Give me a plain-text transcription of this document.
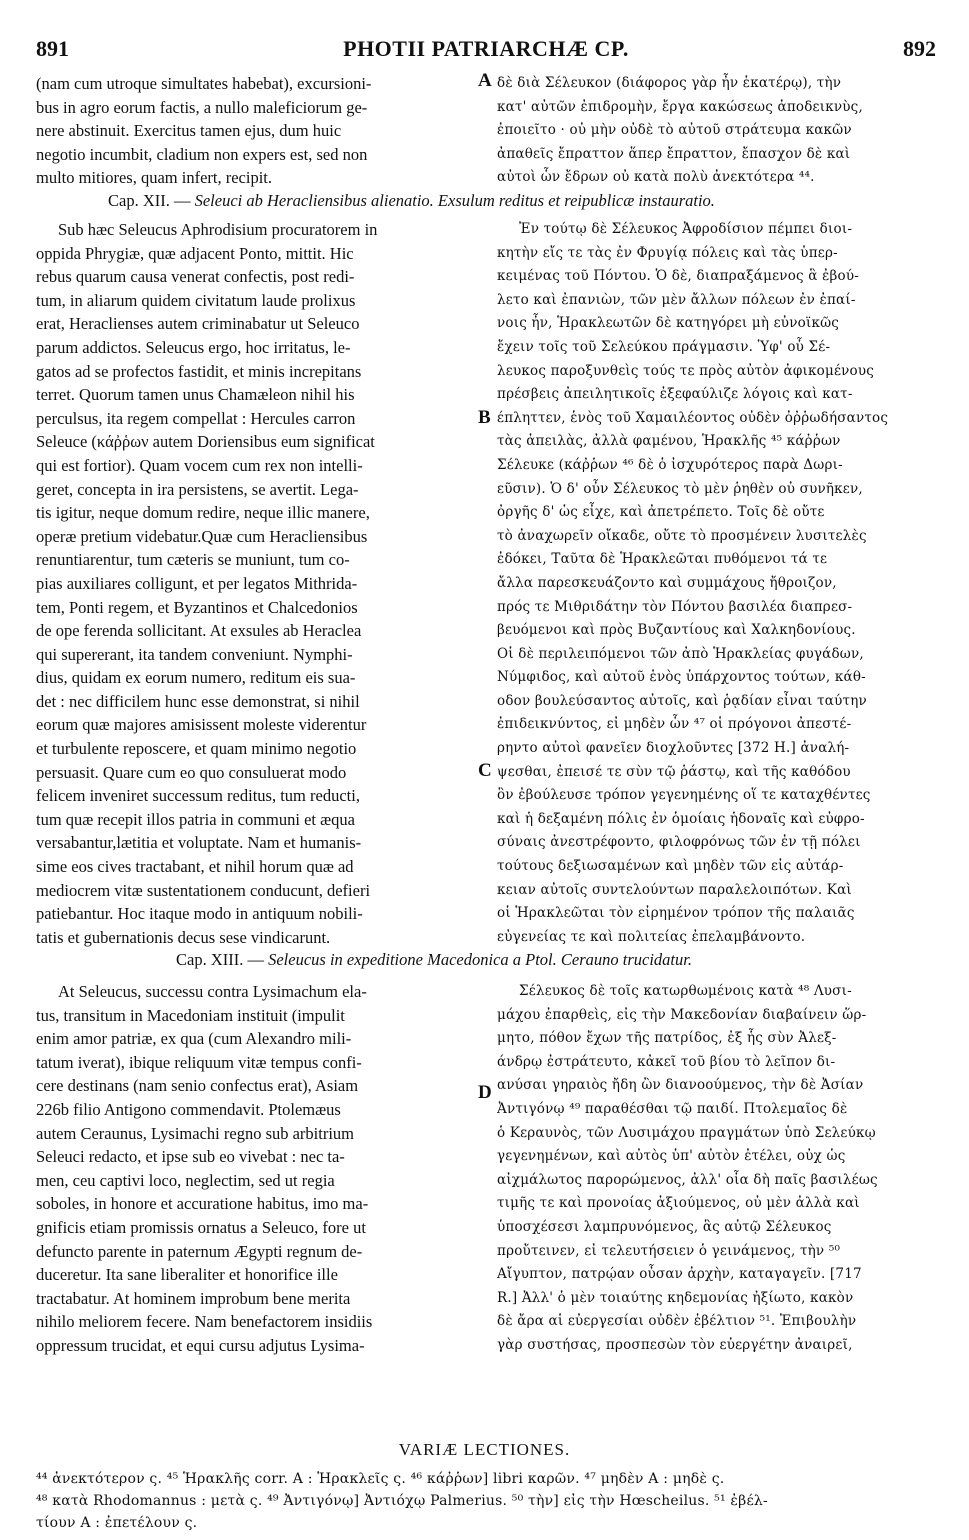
891	PHOTII PATRIARCHÆ CP.	892
(nam cum utroque simultates habebat), excursioni-
bus in agro eorum factis, a nullo maleficiorum ge-
nere abstinuit. Exercitus tamen ejus, dum huic
negotio incumbit, cladium non expers est, sed non
multo mitiores, quam infert, recipit.
A δὲ διὰ Σέλευκον (διάφορος γὰρ ἦν ἑκατέρῳ), τὴν
κατ' αὐτῶν ἐπιδρομὴν, ἔργα κακώσεως ἀποδεικνὺς,
ἐποιεῖτο · οὐ μὴν οὐδὲ τὸ αὐτοῦ στράτευμα κακῶν
ἀπαθεῖς ἔπραττον ἅπερ ἔπραττον, ἔπασχον δὲ καὶ
αὐτοὶ ὧν ἔδρων οὐ κατὰ πολὺ ἀνεκτότερα ⁴⁴.
Cap. XII. — Seleuci ab Heracliensibus alienatio. Exsulum reditus et reipublicæ instauratio.
Sub hæc Seleucus Aphrodisium procuratorem in
oppida Phrygiæ, quæ adjacent Ponto, mittit. Hic
rebus quarum causa venerat confectis, post redi-
tum, in aliarum quidem civitatum laude prolixus
erat, Heraclienses autem criminabatur ut Seleuco
parum addictos. Seleucus ergo, hoc irritatus, le-
gatos ad se profectos fastidit, et minis increpitans
terret. Quorum tamen unus Chamæleon nihil his
perculsus, ita regem compellat : Hercules carron
Seleuce (κάῤῥων autem Doriensibus eum significat
qui est fortior). Quam vocem cum rex non intelli-
geret, concepta in ira persistens, se avertit. Lega-
tis igitur, neque domum redire, neque illic manere,
operæ pretium videbatur.Quæ cum Heracliensibus
renuntiarentur, tum cæteris se muniunt, tum co-
pias auxiliares colligunt, et per legatos Mithrida-
tem, Ponti regem, et Byzantinos et Chalcedonios
de ope ferenda sollicitant. At exsules ab Heraclea
qui supererant, ita tandem conveniunt. Nymphi-
dius, quidam ex eorum numero, reditum eis sua-
det : nec difficilem hunc esse demonstrat, si nihil
eorum quæ majores amisissent moleste viderentur
et turbulente reposcere, et quam minimo negotio
persuasit. Quare cum eo quo consuluerat modo
felicem inveniret successum reditus, tum reducti,
tum quæ recepit illos patria in communi et æqua
versabantur,lætitia et voluptate. Nam et humanis-
sime eos cives tractabant, et nihil horum quæ ad
mediocrem vitæ sustentationem conducunt, defieri
patiebantur. Hoc itaque modo in antiquum nobili-
tatis et gubernationis decus sese vindicarunt.
B
C
Ἐν τούτῳ δὲ Σέλευκος Ἀφροδίσιον πέμπει διοι-
κητὴν εἴς τε τὰς ἐν Φρυγίᾳ πόλεις καὶ τὰς ὑπερ-
κειμένας τοῦ Πόντου. Ὁ δὲ, διαπραξάμενος ἃ ἐβού-
λετο καὶ ἐπανιὼν, τῶν μὲν ἄλλων πόλεων ἐν ἐπαί-
νοις ἦν, Ἡρακλεωτῶν δὲ κατηγόρει μὴ εὐνοϊκῶς
ἔχειν τοῖς τοῦ Σελεύκου πράγμασιν. Ὑφ' οὗ Σέ-
λευκος παροξυνθεὶς τούς τε πρὸς αὐτὸν ἀφικομένους
πρέσβεις ἀπειλητικοῖς ἐξεφαύλιζε λόγοις καὶ κατ-
έπληττεν, ἑνὸς τοῦ Χαμαιλέοντος οὐδὲν ὀῤῥωδήσαντος
τὰς ἀπειλὰς, ἀλλὰ φαμένου, Ἡρακλῆς ⁴⁵ κάῤῥων
Σέλευκε (κάῤῥων ⁴⁶ δὲ ὁ ἰσχυρότερος παρὰ Δωρι-
εῦσιν). Ὁ δ' οὖν Σέλευκος τὸ μὲν ῥηθὲν οὐ συνῆκεν,
ὀργῆς δ' ὡς εἶχε, καὶ ἀπετρέπετο. Τοῖς δὲ οὔτε
τὸ ἀναχωρεῖν οἴκαδε, οὔτε τὸ προσμένειν λυσιτελὲς
ἐδόκει, Ταῦτα δὲ Ἡρακλεῶται πυθόμενοι τά τε
ἄλλα παρεσκευάζοντο καὶ συμμάχους ἤθροιζον,
πρός τε Μιθριδάτην τὸν Πόντου βασιλέα διαπρεσ-
βευόμενοι καὶ πρὸς Βυζαντίους καὶ Χαλκηδονίους.
Οἱ δὲ περιλειπόμενοι τῶν ἀπὸ Ἡρακλείας φυγάδων,
Νύμφιδος, καὶ αὐτοῦ ἑνὸς ὑπάρχοντος τούτων, κάθ-
οδον βουλεύσαντος αὐτοῖς, καὶ ῥᾳδίαν εἶναι ταύτην
ἐπιδεικνύντος, εἰ μηδὲν ὧν ⁴⁷ οἱ πρόγονοι ἀπεστέ-
ρηντο αὐτοὶ φανεῖεν διοχλοῦντες [372 H.] ἀναλή-
ψεσθαι, ἐπεισέ τε σὺν τῷ ῥάστῳ, καὶ τῆς καθόδου
ὃν ἐβούλευσε τρόπον γεγενημένης οἵ τε καταχθέντες
καὶ ἡ δεξαμένη πόλις ἐν ὁμοίαις ἡδοναῖς καὶ εὐφρο-
σύναις ἀνεστρέφοντο, φιλοφρόνως τῶν ἐν τῇ πόλει
τούτους δεξιωσαμένων καὶ μηδὲν τῶν εἰς αὐτάρ-
κειαν αὐτοῖς συντελούντων παραλελοιπότων. Καὶ
οἱ Ἡρακλεῶται τὸν εἰρημένον τρόπον τῆς παλαιᾶς
εὐγενείας τε καὶ πολιτείας ἐπελαμβάνοντο.
Cap. XIII. — Seleucus in expeditione Macedonica a Ptol. Cerauno trucidatur.
At Seleucus, successu contra Lysimachum ela-
tus, transitum in Macedoniam instituit (impulit
enim amor patriæ, ex qua (cum Alexandro mili-
tatum iverat), ibique reliquum vitæ tempus confi-
cere destinans (nam senio confectus erat), Asiam
226b filio Antigono commendavit. Ptolemæus
autem Ceraunus, Lysimachi regno sub arbitrium
Seleuci redacto, et ipse sub eo vivebat : nec ta-
men, ceu captivi loco, neglectim, sed ut regia
soboles, in honore et accuratione habitus, imo ma-
gnificis etiam promissis ornatus a Seleuco, fore ut
defuncto parente in paternum Ægypti regnum de-
duceretur. Ita sane liberaliter et honorifice ille
tractabatur. At hominem improbum bene merita
nihilo meliorem fecere. Nam benefactorem insidiis
oppressum trucidat, et equi cursu adjutus Lysima-
D
Σέλευκος δὲ τοῖς κατωρθωμένοις κατὰ ⁴⁸ Λυσι-
μάχου ἐπαρθεὶς, εἰς τὴν Μακεδονίαν διαβαίνειν ὥρ-
μητο, πόθον ἔχων τῆς πατρίδος, ἐξ ἧς σὺν Ἀλεξ-
άνδρῳ ἐστράτευτο, κἀκεῖ τοῦ βίου τὸ λεῖπον δι-
ανύσαι γηραιὸς ἤδη ὢν διανοούμενος, τὴν δὲ Ἀσίαν
Ἀντιγόνῳ ⁴⁹ παραθέσθαι τῷ παιδί. Πτολεμαῖος δὲ
ὁ Κεραυνὸς, τῶν Λυσιμάχου πραγμάτων ὑπὸ Σελεύκῳ
γεγενημένων, καὶ αὐτὸς ὑπ' αὐτὸν ἐτέλει, οὐχ ὡς
αἰχμάλωτος παρορώμενος, ἀλλ' οἷα δὴ παῖς βασιλέως
τιμῆς τε καὶ προνοίας ἀξιούμενος, οὐ μὲν ἀλλὰ καὶ
ὑποσχέσεσι λαμπρυνόμενος, ἃς αὐτῷ Σέλευκος
προὔτεινεν, εἰ τελευτήσειεν ὁ γεινάμενος, τὴν ⁵⁰
Αἴγυπτον, πατρῴαν οὖσαν ἀρχὴν, καταγαγεῖν. [717
R.] Ἀλλ' ὁ μὲν τοιαύτης κηδεμονίας ἠξίωτο, κακὸν
δὲ ἄρα αἱ εὐεργεσίαι οὐδὲν ἐβέλτιον ⁵¹. Ἐπιβουλὴν
γὰρ συστήσας, προσπεσὼν τὸν εὐεργέτην ἀναιρεῖ,
VARIÆ LECTIONES.
⁴⁴ ἀνεκτότερον ς. ⁴⁵ Ἡρακλῆς corr. A : Ἡρακλεῖς ς. ⁴⁶ κάῤῥων] libri καρῶν. ⁴⁷ μηδὲν A : μηδὲ ς.
⁴⁸ κατὰ Rhodomannus : μετὰ ς. ⁴⁹ Ἀντιγόνῳ] Ἀντιόχῳ Palmerius. ⁵⁰ τὴν] εἰς τὴν Hœscheilus. ⁵¹ ἐβέλ-
τίουν A : ἐπετέλουν ς.
